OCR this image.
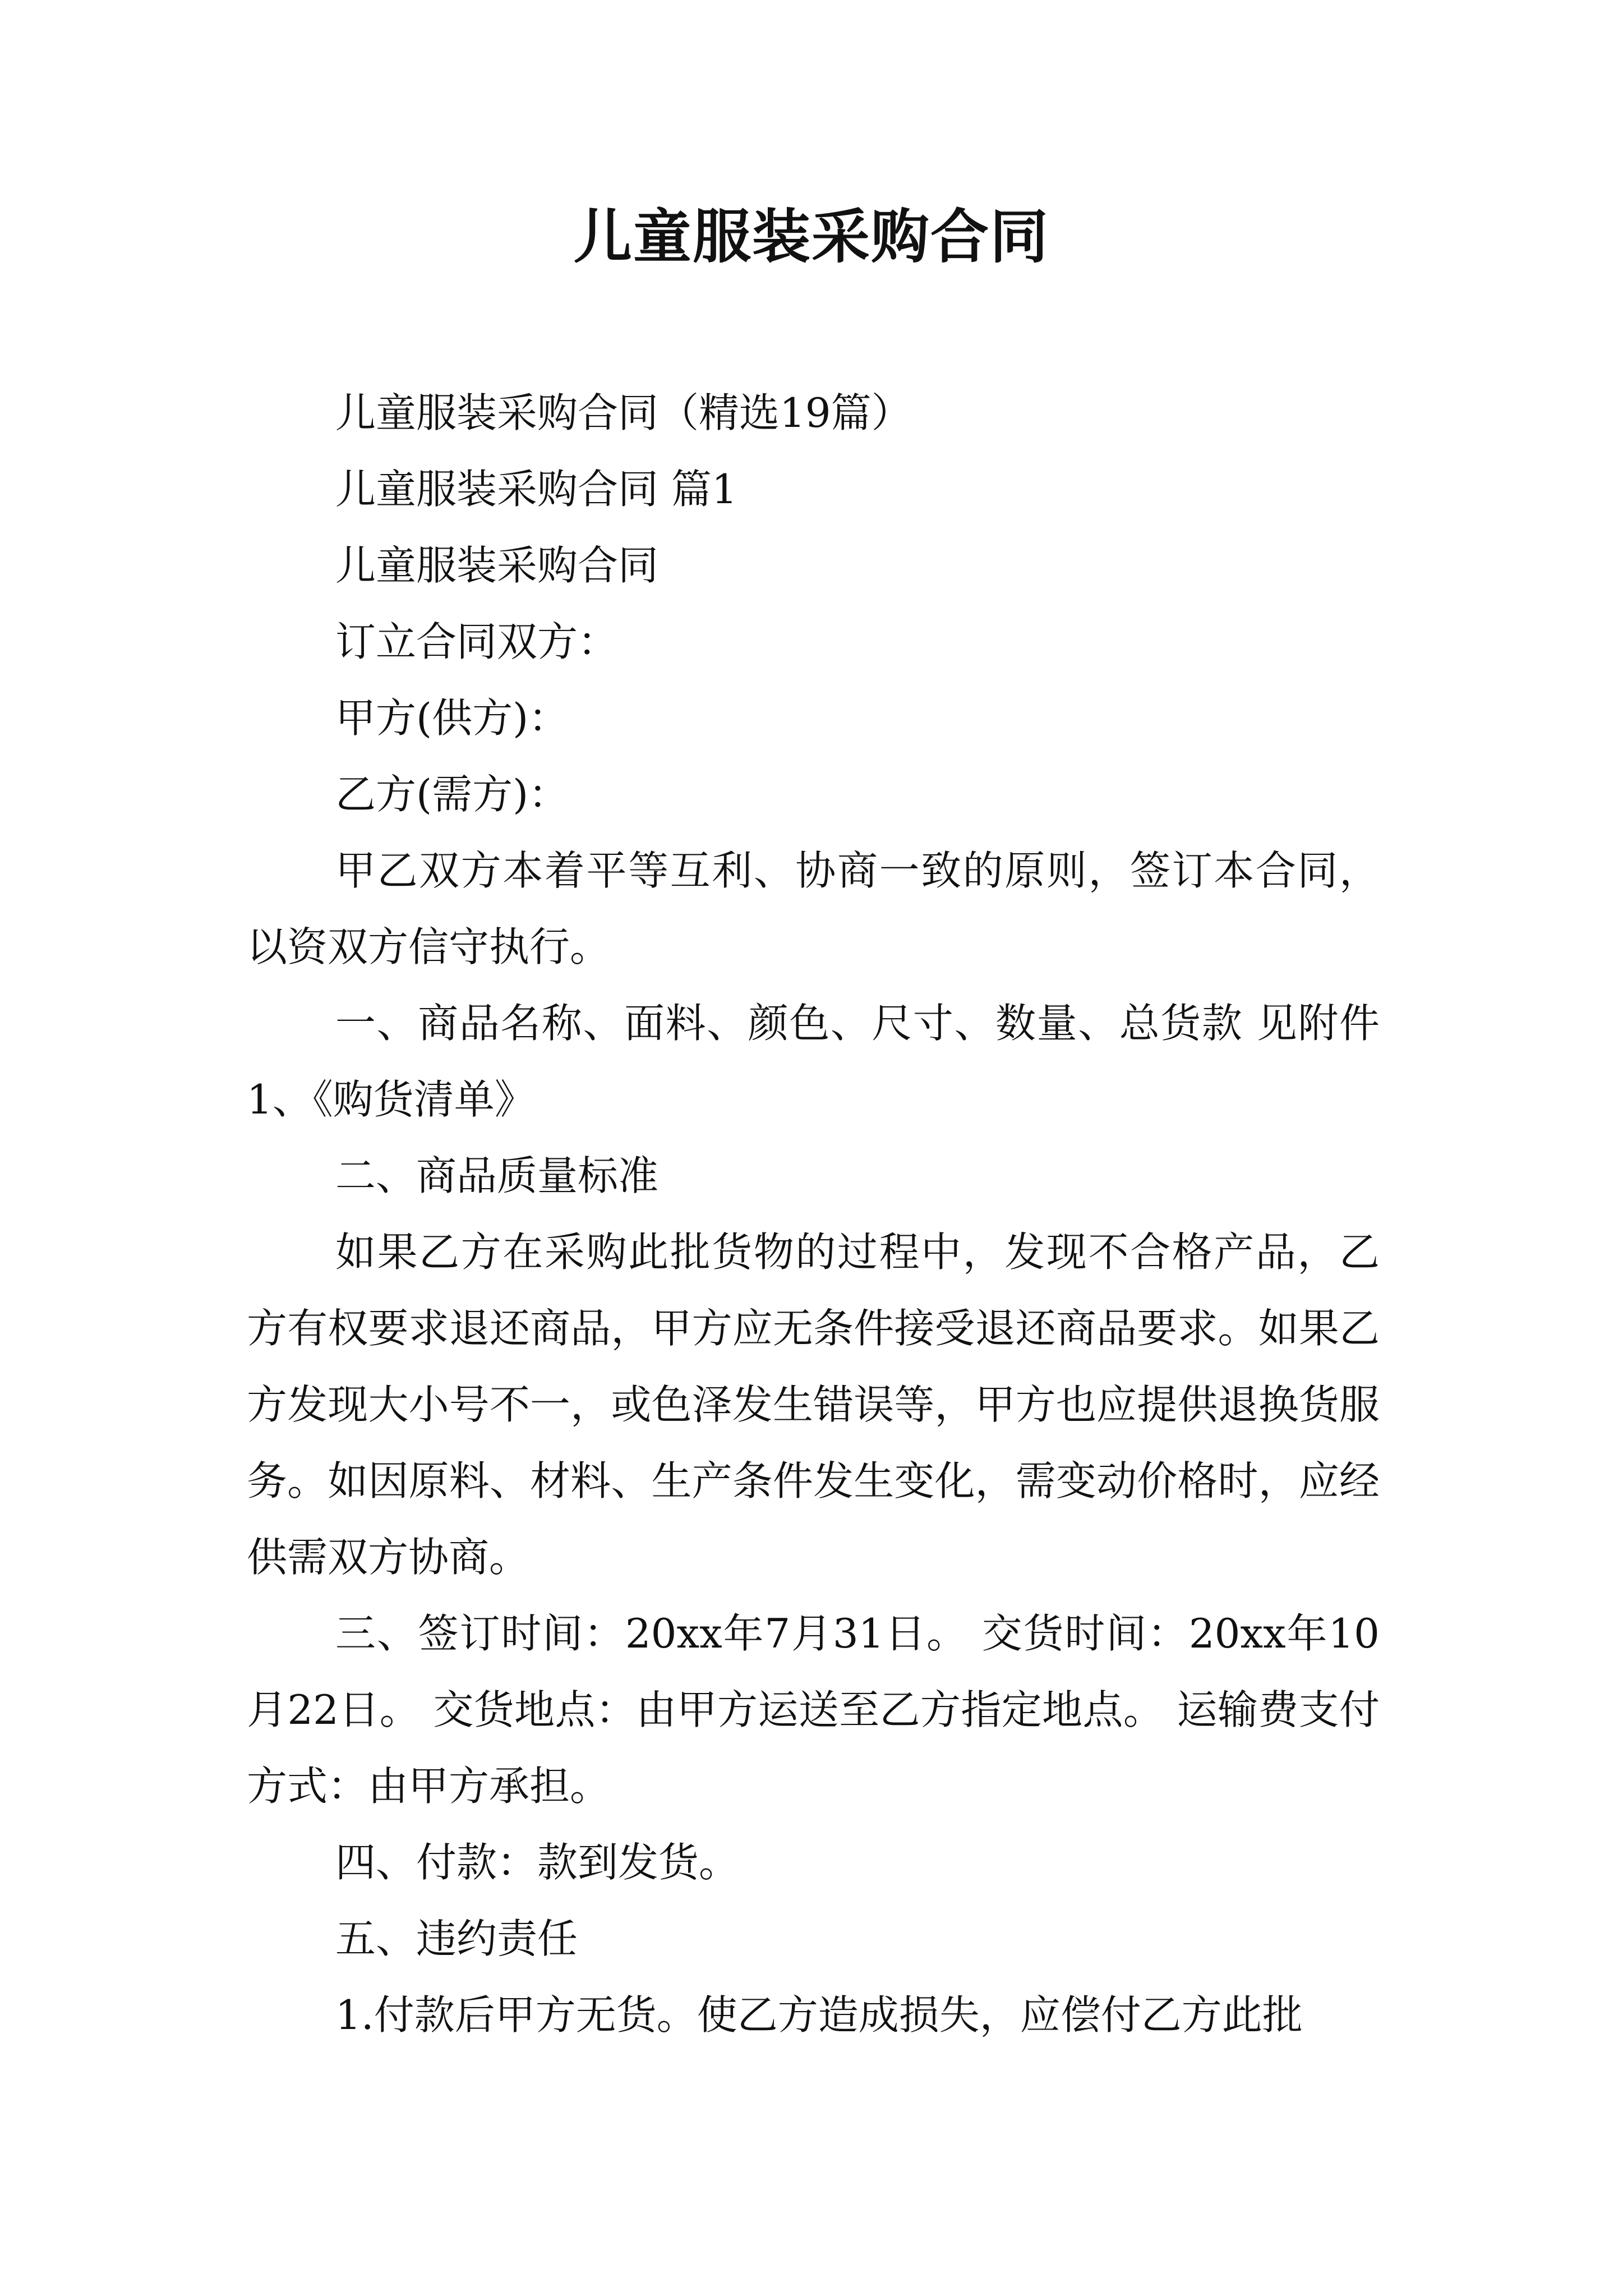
儿童服装采购合同

儿童服装采购合同（精选19篇）

儿童服装采购合同 篇1

儿童服装采购合同

订立合同双方：

甲方(供方)：

乙方(需方)：

甲乙双方本着平等互利、协商一致的原则，签订本合同，以资双方信守执行。

一、商品名称、面料、颜色、尺寸、数量、总货款 见附件1、《购货清单》

二、商品质量标准

如果乙方在采购此批货物的过程中，发现不合格产品，乙方有权要求退还商品，甲方应无条件接受退还商品要求。如果乙方发现大小号不一，或色泽发生错误等，甲方也应提供退换货服务。如因原料、材料、生产条件发生变化，需变动价格时，应经供需双方协商。

三、签订时间：20xx年7月31日。 交货时间：20xx年10月22日。 交货地点：由甲方运送至乙方指定地点。 运输费支付方式：由甲方承担。

四、付款：款到发货。

五、违约责任

1.付款后甲方无货。使乙方造成损失，应偿付乙方此批
